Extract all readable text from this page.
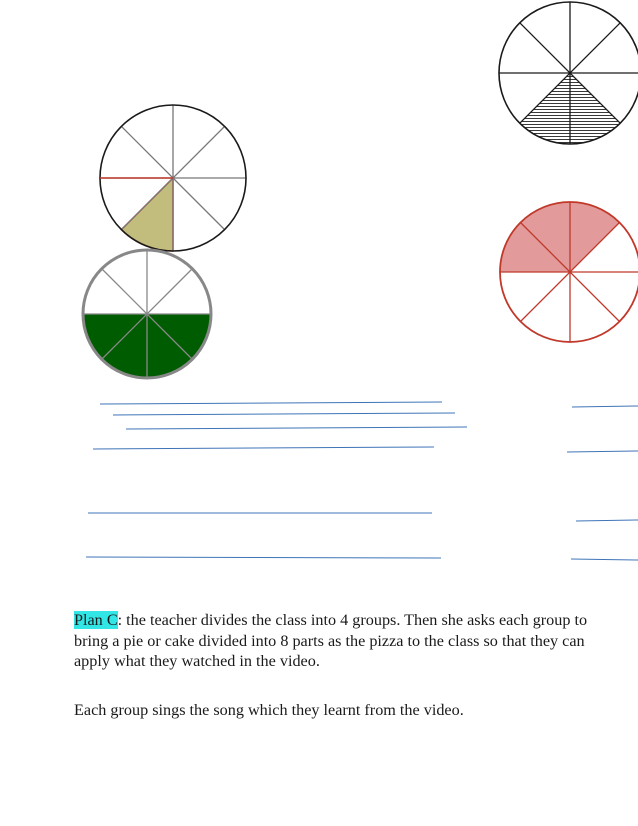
Plan C: the teacher divides the class into 4 groups. Then she asks each group to bring a pie or cake divided into 8 parts as the pizza to the class so that they can apply what they watched in the video.

Each group sings the song which they learnt from the video.
